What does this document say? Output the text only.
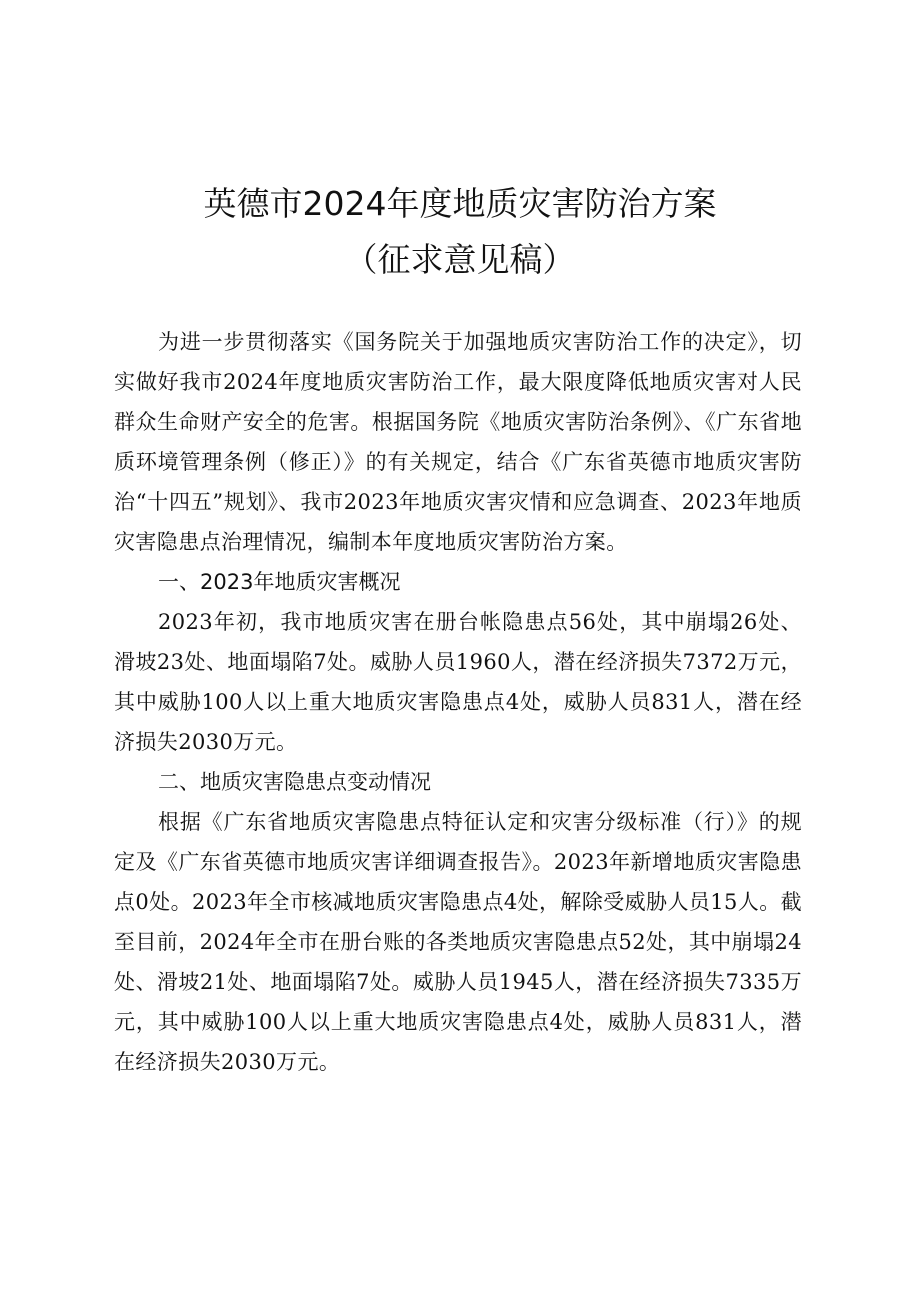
英德市2024年度地质灾害防治方案
（征求意见稿）

为进一步贯彻落实《国务院关于加强地质灾害防治工作的决定》，切实做好我市2024年度地质灾害防治工作，最大限度降低地质灾害对人民群众生命财产安全的危害。根据国务院《地质灾害防治条例》、《广东省地质环境管理条例（修正）》的有关规定，结合《广东省英德市地质灾害防治“十四五”规划》、我市2023年地质灾害灾情和应急调查、2023年地质灾害隐患点治理情况，编制本年度地质灾害防治方案。

一、2023年地质灾害概况

2023年初，我市地质灾害在册台帐隐患点56处，其中崩塌26处、滑坡23处、地面塌陷7处。威胁人员1960人，潜在经济损失7372万元，其中威胁100人以上重大地质灾害隐患点4处，威胁人员831人，潜在经济损失2030万元。

二、地质灾害隐患点变动情况

根据《广东省地质灾害隐患点特征认定和灾害分级标准（行）》的规定及《广东省英德市地质灾害详细调查报告》。2023年新增地质灾害隐患点0处。2023年全市核减地质灾害隐患点4处，解除受威胁人员15人。截至目前，2024年全市在册台账的各类地质灾害隐患点52处，其中崩塌24处、滑坡21处、地面塌陷7处。威胁人员1945人，潜在经济损失7335万元，其中威胁100人以上重大地质灾害隐患点4处，威胁人员831人，潜在经济损失2030万元。
